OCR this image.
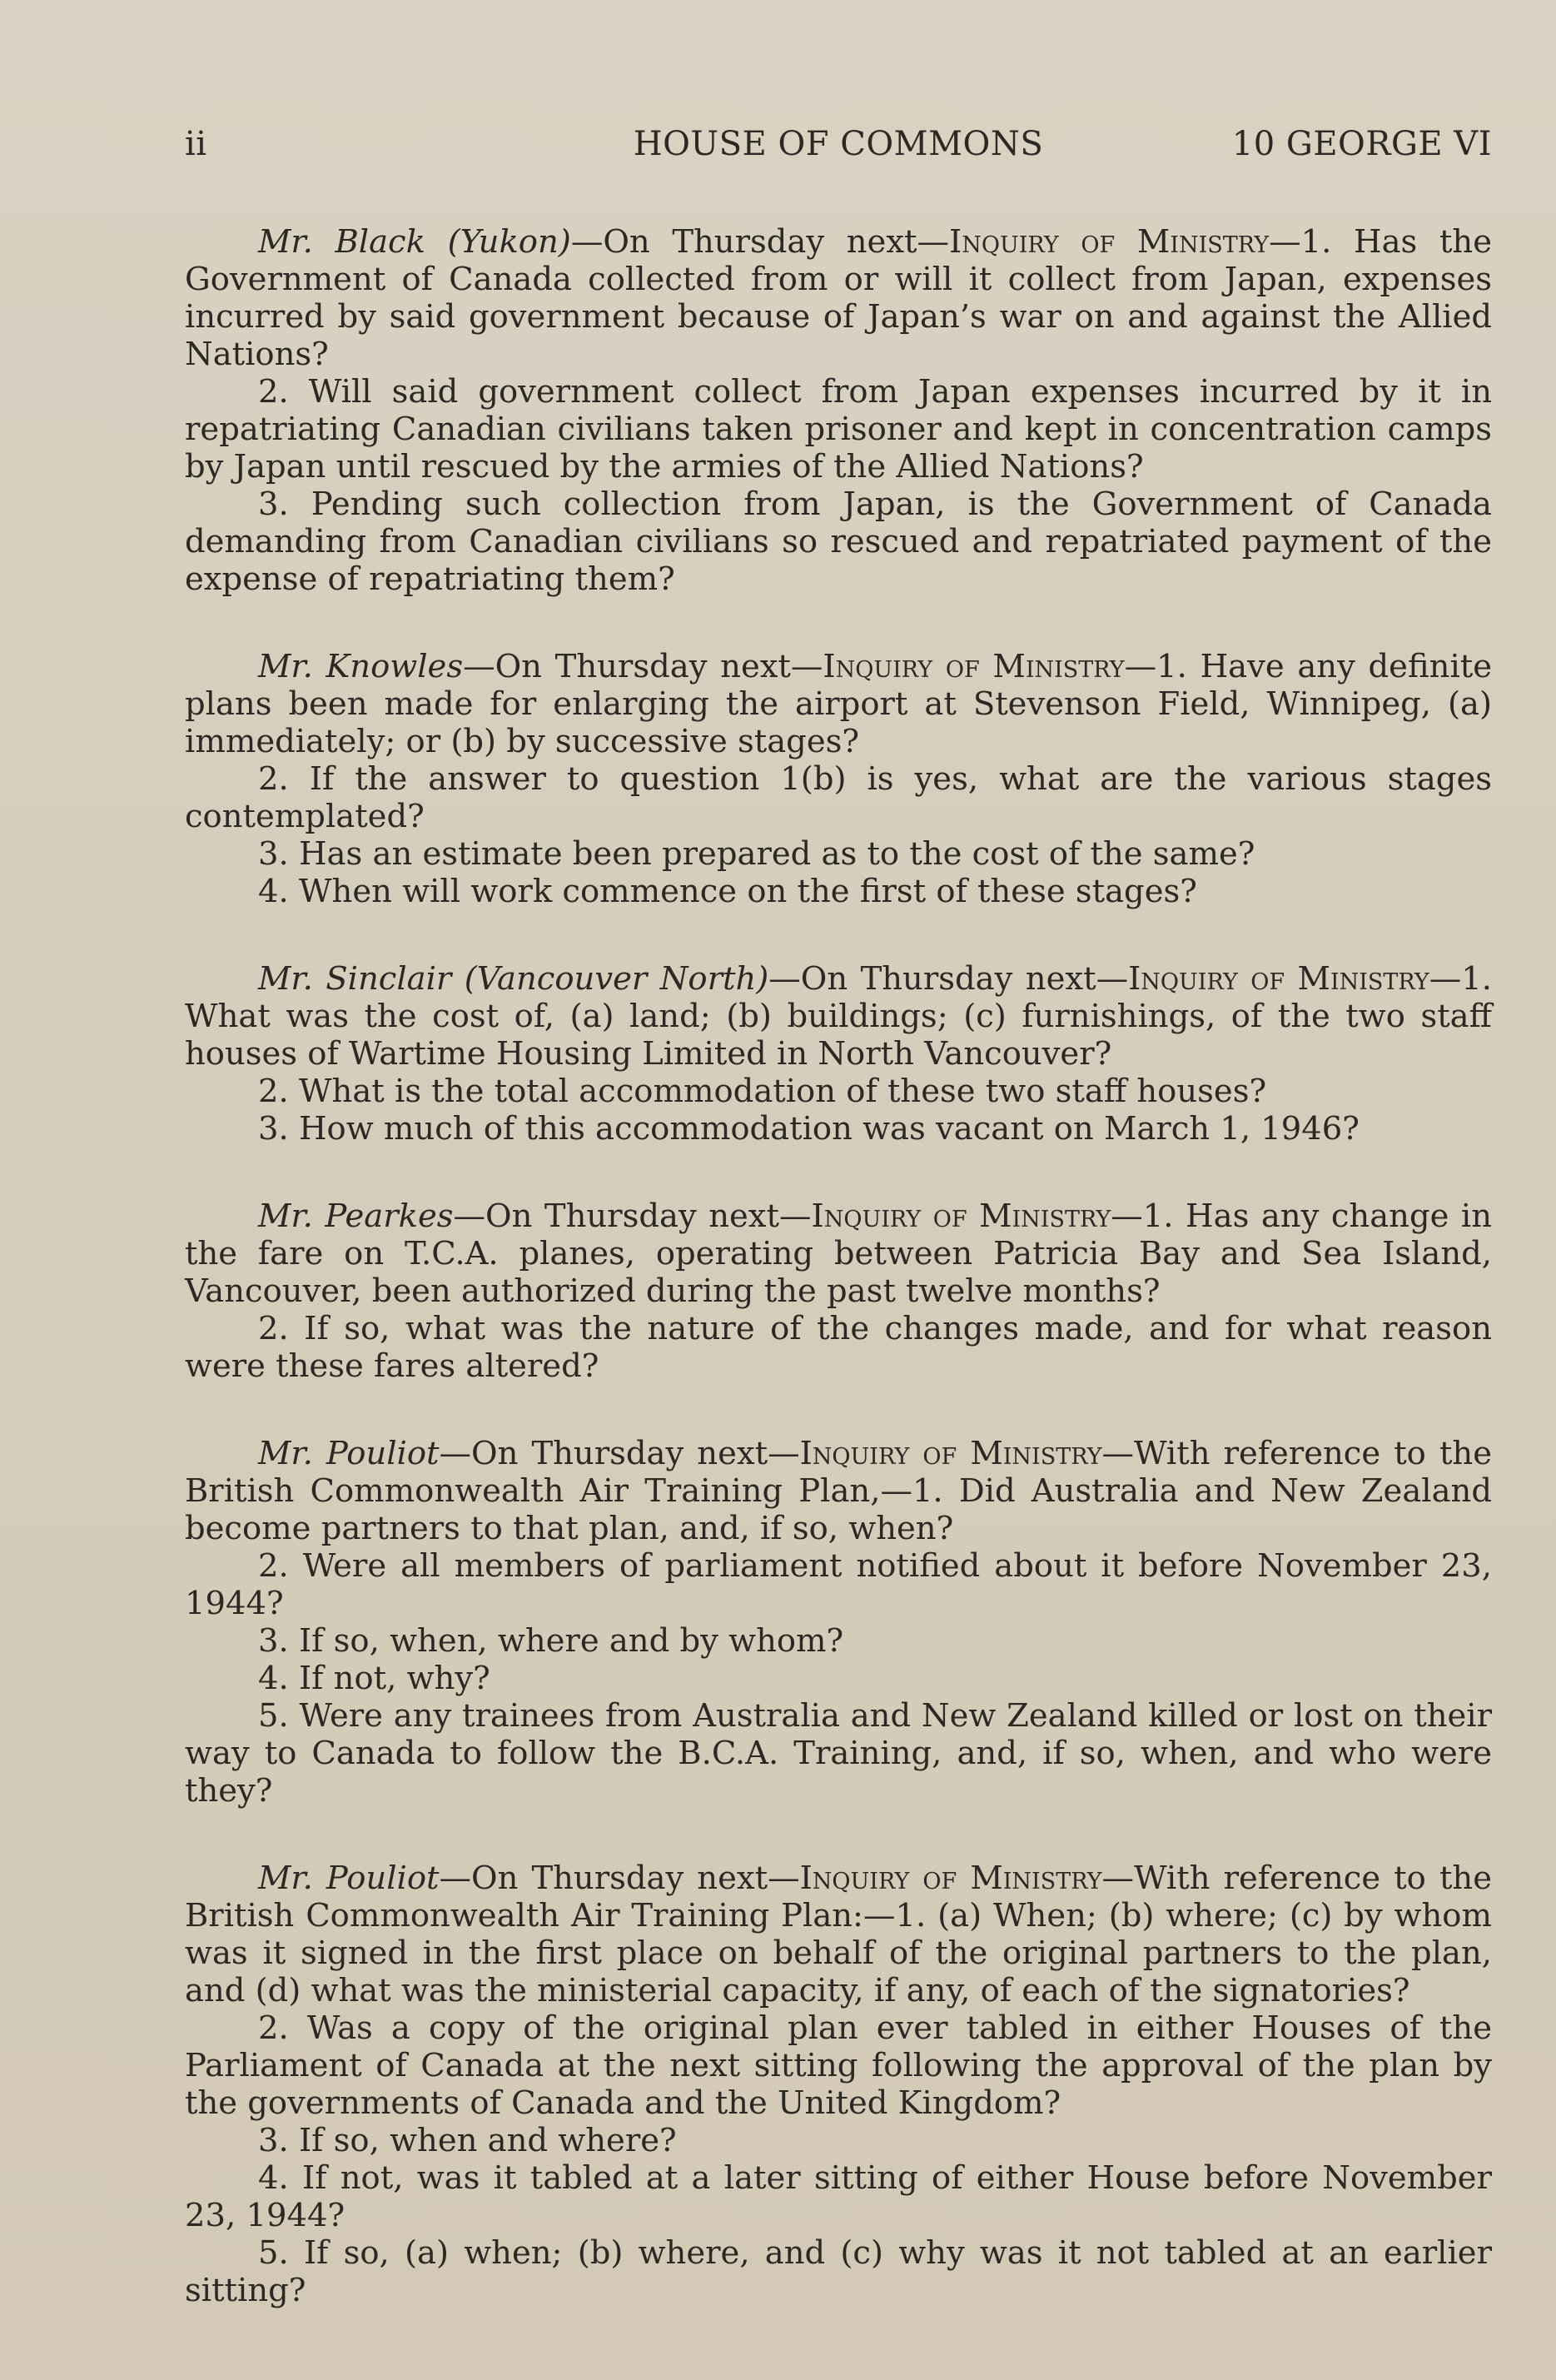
ii	HOUSE OF COMMONS	10 GEORGE VI

Mr. Black (Yukon)—On Thursday next—Inquiry of Ministry—1. Has the Government of Canada collected from or will it collect from Japan, expenses incurred by said government because of Japan’s war on and against the Allied Nations?

2. Will said government collect from Japan expenses incurred by it in repatriating Canadian civilians taken prisoner and kept in concentration camps by Japan until rescued by the armies of the Allied Nations?

3. Pending such collection from Japan, is the Government of Canada demanding from Canadian civilians so rescued and repatriated payment of the expense of repatriating them?

Mr. Knowles—On Thursday next—Inquiry of Ministry—1. Have any definite plans been made for enlarging the airport at Stevenson Field, Winnipeg, (a) immediately; or (b) by successive stages?

2. If the answer to question 1(b) is yes, what are the various stages contemplated?

3. Has an estimate been prepared as to the cost of the same?

4. When will work commence on the first of these stages?

Mr. Sinclair (Vancouver North)—On Thursday next—Inquiry of Ministry—1. What was the cost of, (a) land; (b) buildings; (c) furnishings, of the two staff houses of Wartime Housing Limited in North Vancouver?

2. What is the total accommodation of these two staff houses?

3. How much of this accommodation was vacant on March 1, 1946?

Mr. Pearkes—On Thursday next—Inquiry of Ministry—1. Has any change in the fare on T.C.A. planes, operating between Patricia Bay and Sea Island, Vancouver, been authorized during the past twelve months?

2. If so, what was the nature of the changes made, and for what reason were these fares altered?

Mr. Pouliot—On Thursday next—Inquiry of Ministry—With reference to the British Commonwealth Air Training Plan,—1. Did Australia and New Zealand become partners to that plan, and, if so, when?

2. Were all members of parliament notified about it before November 23, 1944?

3. If so, when, where and by whom?

4. If not, why?

5. Were any trainees from Australia and New Zealand killed or lost on their way to Canada to follow the B.C.A. Training, and, if so, when, and who were they?

Mr. Pouliot—On Thursday next—Inquiry of Ministry—With reference to the British Commonwealth Air Training Plan:—1. (a) When; (b) where; (c) by whom was it signed in the first place on behalf of the original partners to the plan, and (d) what was the ministerial capacity, if any, of each of the signatories?

2. Was a copy of the original plan ever tabled in either Houses of the Parliament of Canada at the next sitting following the approval of the plan by the governments of Canada and the United Kingdom?

3. If so, when and where?

4. If not, was it tabled at a later sitting of either House before November 23, 1944?

5. If so, (a) when; (b) where, and (c) why was it not tabled at an earlier sitting?
